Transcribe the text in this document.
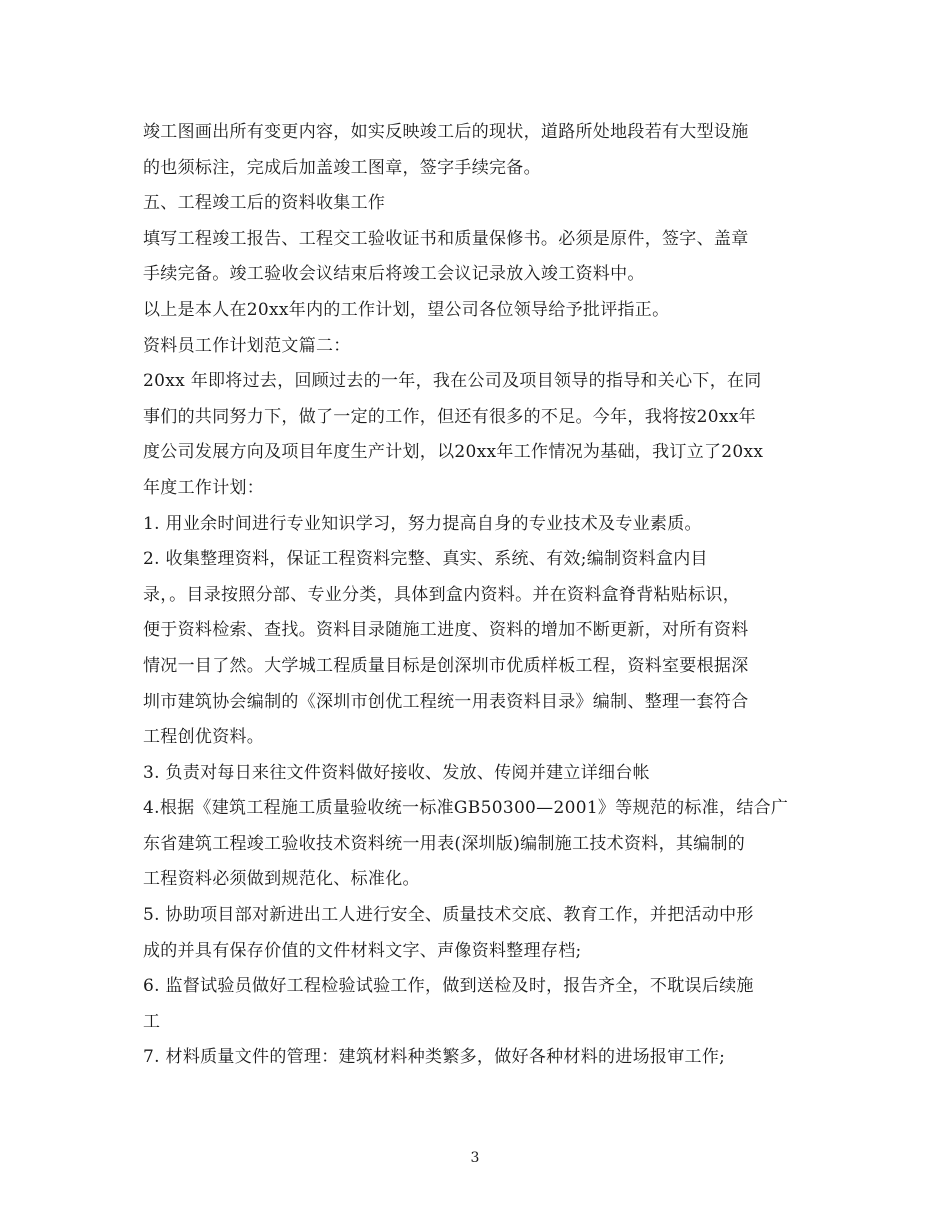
竣工图画出所有变更内容，如实反映竣工后的现状，道路所处地段若有大型设施
的也须标注，完成后加盖竣工图章，签字手续完备。
五、工程竣工后的资料收集工作
填写工程竣工报告、工程交工验收证书和质量保修书。必须是原件，签字、盖章
手续完备。竣工验收会议结束后将竣工会议记录放入竣工资料中。
以上是本人在20xx年内的工作计划，望公司各位领导给予批评指正。
资料员工作计划范文篇二：
20xx 年即将过去，回顾过去的一年，我在公司及项目领导的指导和关心下，在同
事们的共同努力下，做了一定的工作，但还有很多的不足。今年，我将按20xx年
度公司发展方向及项目年度生产计划，以20xx年工作情况为基础，我订立了20xx
年度工作计划：
1. 用业余时间进行专业知识学习，努力提高自身的专业技术及专业素质。
2. 收集整理资料，保证工程资料完整、真实、系统、有效;编制资料盒内目
录，。目录按照分部、专业分类，具体到盒内资料。并在资料盒脊背粘贴标识，
便于资料检索、查找。资料目录随施工进度、资料的增加不断更新，对所有资料
情况一目了然。大学城工程质量目标是创深圳市优质样板工程，资料室要根据深
圳市建筑协会编制的《深圳市创优工程统一用表资料目录》编制、整理一套符合
工程创优资料。
3. 负责对每日来往文件资料做好接收、发放、传阅并建立详细台帐
4.根据《建筑工程施工质量验收统一标准GB50300—2001》等规范的标准，结合广
东省建筑工程竣工验收技术资料统一用表(深圳版)编制施工技术资料，其编制的
工程资料必须做到规范化、标准化。
5. 协助项目部对新进出工人进行安全、质量技术交底、教育工作，并把活动中形
成的并具有保存价值的文件材料文字、声像资料整理存档;
6. 监督试验员做好工程检验试验工作，做到送检及时，报告齐全，不耽误后续施
工
7. 材料质量文件的管理：建筑材料种类繁多，做好各种材料的进场报审工作;
3
